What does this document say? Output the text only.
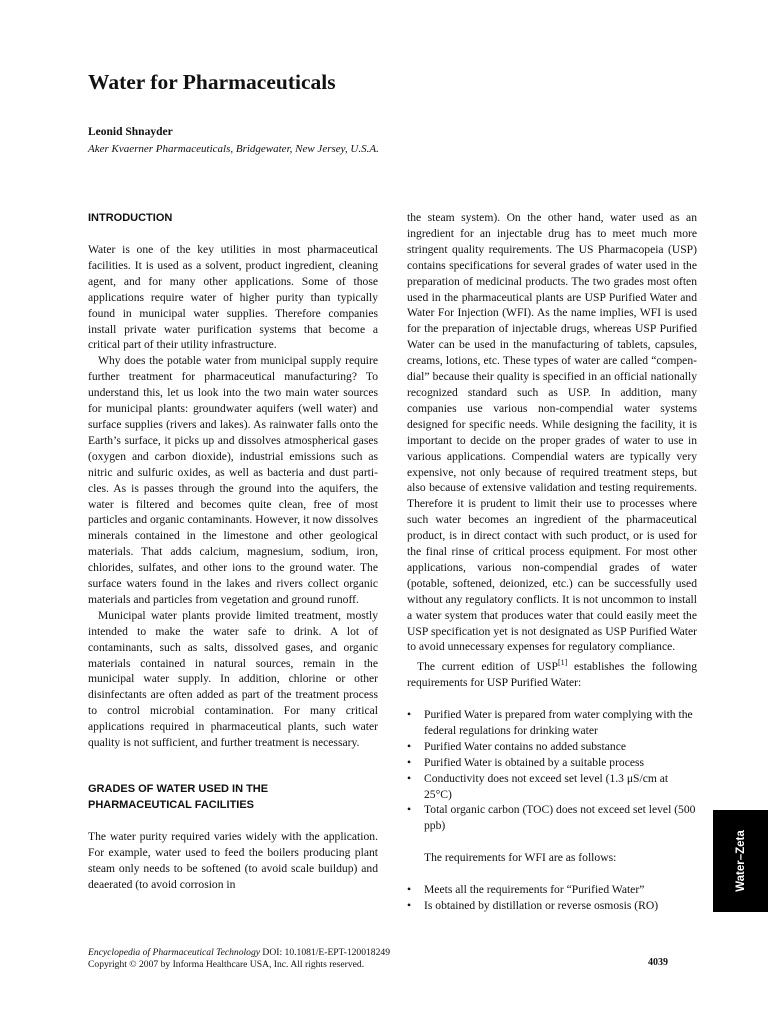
Water for Pharmaceuticals
Leonid Shnayder
Aker Kvaerner Pharmaceuticals, Bridgewater, New Jersey, U.S.A.
INTRODUCTION

Water is one of the key utilities in most pharmaceutical facilities. It is used as a solvent, product ingredient, cleaning agent, and for many other applications. Some of those applications require water of higher purity than typically found in municipal water supplies. Therefore companies install private water purification systems that become a critical part of their utility infrastructure.

Why does the potable water from municipal supply require further treatment for pharmaceutical manufacturing? To understand this, let us look into the two main water sources for municipal plants: groundwater aquifers (well water) and surface supplies (rivers and lakes). As rainwater falls onto the Earth’s surface, it picks up and dissolves atmospherical gases (oxygen and carbon dioxide), industrial emissions such as nitric and sulfuric oxides, as well as bacteria and dust particles. As is passes through the ground into the aquifers, the water is filtered and becomes quite clean, free of most particles and organic contaminants. However, it now dissolves minerals contained in the limestone and other geological materials. That adds calcium, magnesium, sodium, iron, chlorides, sulfates, and other ions to the ground water. The surface waters found in the lakes and rivers collect organic materials and particles from vegetation and ground runoff.

Municipal water plants provide limited treatment, mostly intended to make the water safe to drink. A lot of contaminants, such as salts, dissolved gases, and organic materials contained in natural sources, remain in the municipal water supply. In addition, chlorine or other disinfectants are often added as part of the treatment process to control microbial contamination. For many critical applications required in pharmaceutical plants, such water quality is not sufficient, and further treatment is necessary.

GRADES OF WATER USED IN THE
PHARMACEUTICAL FACILITIES

The water purity required varies widely with the application. For example, water used to feed the boilers producing plant steam only needs to be softened (to avoid scale buildup) and deaerated (to avoid corrosion in

the steam system). On the other hand, water used as an ingredient for an injectable drug has to meet much more stringent quality requirements. The US Pharmacopeia (USP) contains specifications for several grades of water used in the preparation of medicinal products. The two grades most often used in the pharmaceutical plants are USP Purified Water and Water For Injection (WFI). As the name implies, WFI is used for the preparation of injectable drugs, whereas USP Purified Water can be used in the manufacturing of tablets, capsules, creams, lotions, etc. These types of water are called “compendial” because their quality is specified in an official nationally recognized standard such as USP. In addition, many companies use various non-compendial water systems designed for specific needs. While designing the facility, it is important to decide on the proper grades of water to use in various applications. Compendial waters are typically very expensive, not only because of required treatment steps, but also because of extensive validation and testing requirements. Therefore it is prudent to limit their use to processes where such water becomes an ingredient of the pharmaceutical product, is in direct contact with such product, or is used for the final rinse of critical process equipment. For most other applications, various non-compendial grades of water (potable, softened, deionized, etc.) can be successfully used without any regulatory conflicts. It is not uncommon to install a water system that produces water that could easily meet the USP specification yet is not designated as USP Purified Water to avoid unnecessary expenses for regulatory compliance.

The current edition of USP[1] establishes the following requirements for USP Purified Water:

• Purified Water is prepared from water complying with the federal regulations for drinking water
• Purified Water contains no added substance
• Purified Water is obtained by a suitable process
• Conductivity does not exceed set level (1.3 μS/cm at 25°C)
• Total organic carbon (TOC) does not exceed set level (500 ppb)

The requirements for WFI are as follows:

• Meets all the requirements for “Purified Water”
• Is obtained by distillation or reverse osmosis (RO)
Encyclopedia of Pharmaceutical Technology DOI: 10.1081/E-EPT-120018249
Copyright © 2007 by Informa Healthcare USA, Inc. All rights reserved.	4039
Water–Zeta
